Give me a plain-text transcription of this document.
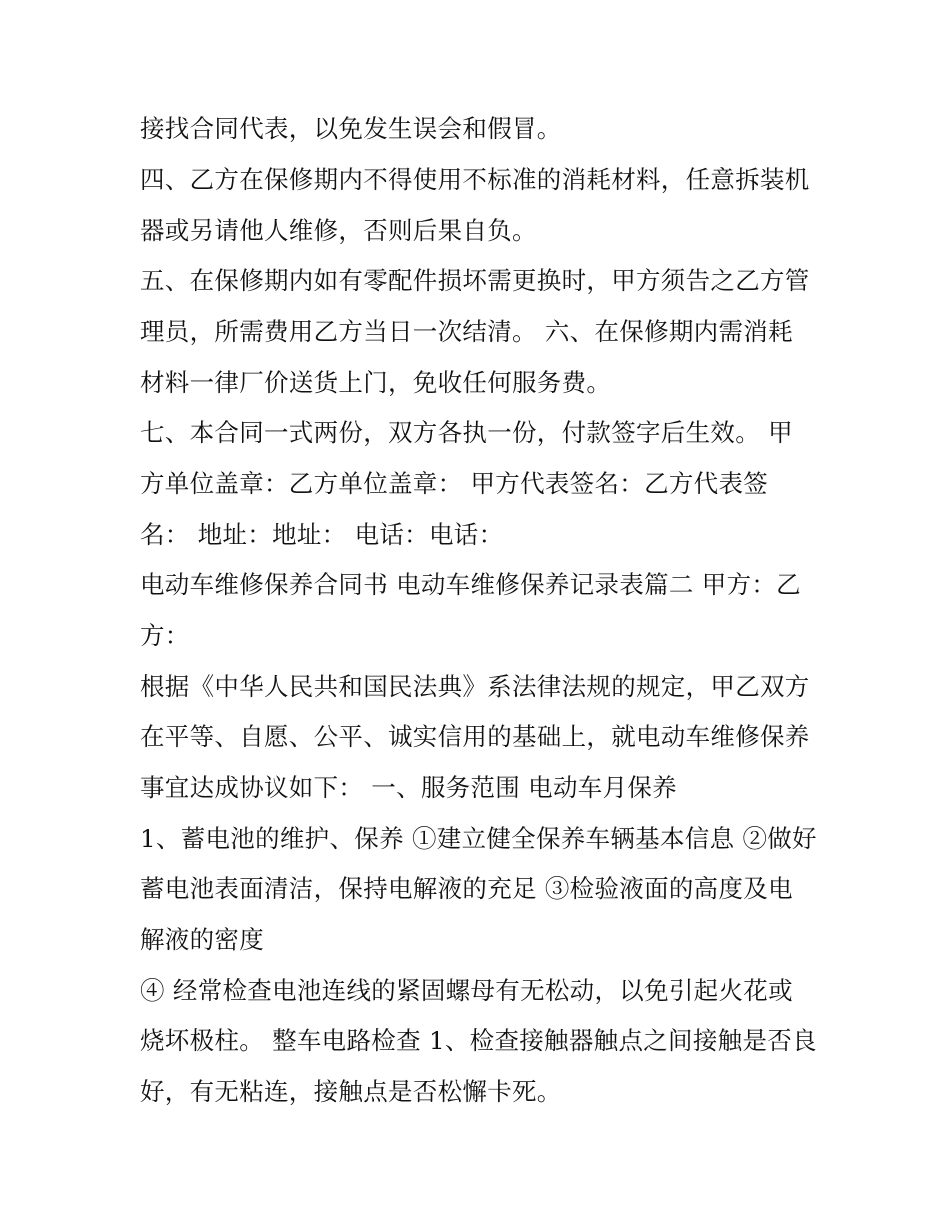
接找合同代表，以免发生误会和假冒。
四、乙方在保修期内不得使用不标准的消耗材料，任意拆装机
器或另请他人维修，否则后果自负。
五、在保修期内如有零配件损坏需更换时，甲方须告之乙方管
理员，所需费用乙方当日一次结清。 六、在保修期内需消耗
材料一律厂价送货上门，免收任何服务费。
七、本合同一式两份，双方各执一份，付款签字后生效。 甲
方单位盖章：乙方单位盖章： 甲方代表签名：乙方代表签
名： 地址：地址： 电话：电话：
电动车维修保养合同书 电动车维修保养记录表篇二 甲方：乙
方：
根据《中华人民共和国民法典》系法律法规的规定，甲乙双方
在平等、自愿、公平、诚实信用的基础上，就电动车维修保养
事宜达成协议如下： 一、服务范围 电动车月保养
1、蓄电池的维护、保养 ①建立健全保养车辆基本信息 ②做好
蓄电池表面清洁，保持电解液的充足 ③检验液面的高度及电
解液的密度
④ 经常检查电池连线的紧固螺母有无松动，以免引起火花或
烧坏极柱。 整车电路检查 1、检查接触器触点之间接触是否良
好，有无粘连，接触点是否松懈卡死。
